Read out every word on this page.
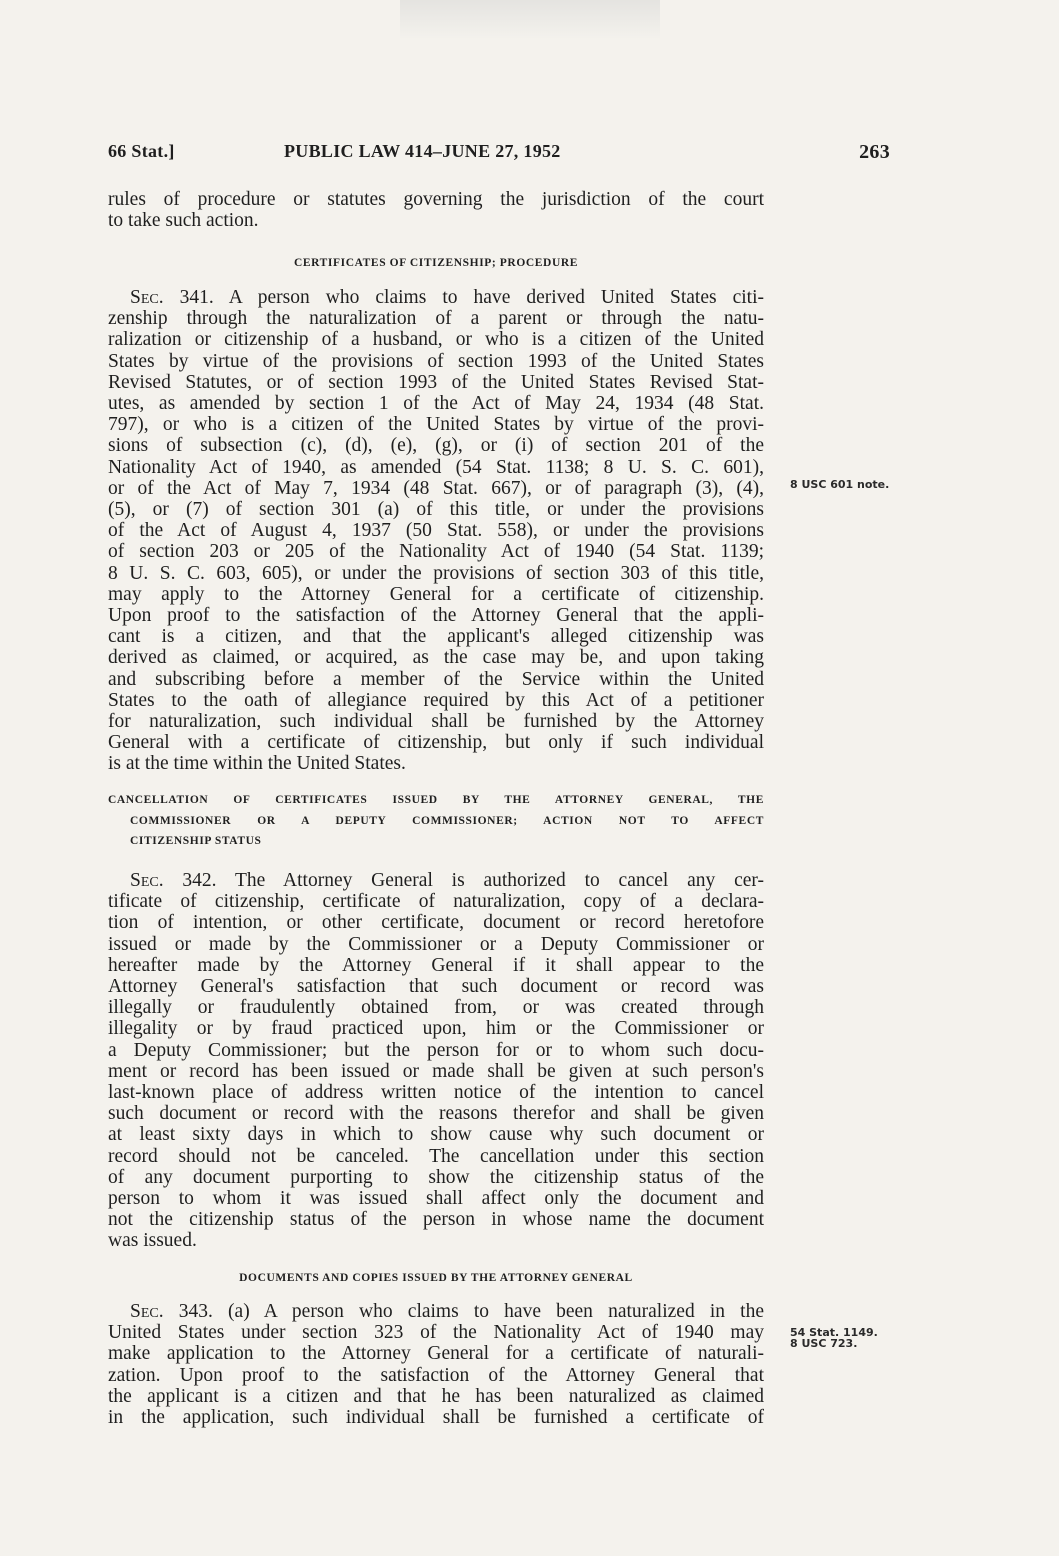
66 Stat.]	PUBLIC LAW 414–JUNE 27, 1952	263
rules of procedure or statutes governing the jurisdiction of the court
to take such action.
CERTIFICATES OF CITIZENSHIP; PROCEDURE
Sec. 341. A person who claims to have derived United States citi-
zenship through the naturalization of a parent or through the natu-
ralization or citizenship of a husband, or who is a citizen of the United
States by virtue of the provisions of section 1993 of the United States
Revised Statutes, or of section 1993 of the United States Revised Stat-
utes, as amended by section 1 of the Act of May 24, 1934 (48 Stat.
797), or who is a citizen of the United States by virtue of the provi-
sions of subsection (c), (d), (e), (g), or (i) of section 201 of the
Nationality Act of 1940, as amended (54 Stat. 1138; 8 U. S. C. 601),
or of the Act of May 7, 1934 (48 Stat. 667), or of paragraph (3), (4),
(5), or (7) of section 301 (a) of this title, or under the provisions
of the Act of August 4, 1937 (50 Stat. 558), or under the provisions
of section 203 or 205 of the Nationality Act of 1940 (54 Stat. 1139;
8 U. S. C. 603, 605), or under the provisions of section 303 of this title,
may apply to the Attorney General for a certificate of citizenship.
Upon proof to the satisfaction of the Attorney General that the appli-
cant is a citizen, and that the applicant's alleged citizenship was
derived as claimed, or acquired, as the case may be, and upon taking
and subscribing before a member of the Service within the United
States to the oath of allegiance required by this Act of a petitioner
for naturalization, such individual shall be furnished by the Attorney
General with a certificate of citizenship, but only if such individual
is at the time within the United States.
8 USC 601 note.
CANCELLATION OF CERTIFICATES ISSUED BY THE ATTORNEY GENERAL, THE
COMMISSIONER OR A DEPUTY COMMISSIONER; ACTION NOT TO AFFECT
CITIZENSHIP STATUS
Sec. 342. The Attorney General is authorized to cancel any cer-
tificate of citizenship, certificate of naturalization, copy of a declara-
tion of intention, or other certificate, document or record heretofore
issued or made by the Commissioner or a Deputy Commissioner or
hereafter made by the Attorney General if it shall appear to the
Attorney General's satisfaction that such document or record was
illegally or fraudulently obtained from, or was created through
illegality or by fraud practiced upon, him or the Commissioner or
a Deputy Commissioner; but the person for or to whom such docu-
ment or record has been issued or made shall be given at such person's
last-known place of address written notice of the intention to cancel
such document or record with the reasons therefor and shall be given
at least sixty days in which to show cause why such document or
record should not be canceled. The cancellation under this section
of any document purporting to show the citizenship status of the
person to whom it was issued shall affect only the document and
not the citizenship status of the person in whose name the document
was issued.
DOCUMENTS AND COPIES ISSUED BY THE ATTORNEY GENERAL
Sec. 343. (a) A person who claims to have been naturalized in the
United States under section 323 of the Nationality Act of 1940 may
make application to the Attorney General for a certificate of naturali-
zation. Upon proof to the satisfaction of the Attorney General that
the applicant is a citizen and that he has been naturalized as claimed
in the application, such individual shall be furnished a certificate of
54 Stat. 1149.
8 USC 723.
